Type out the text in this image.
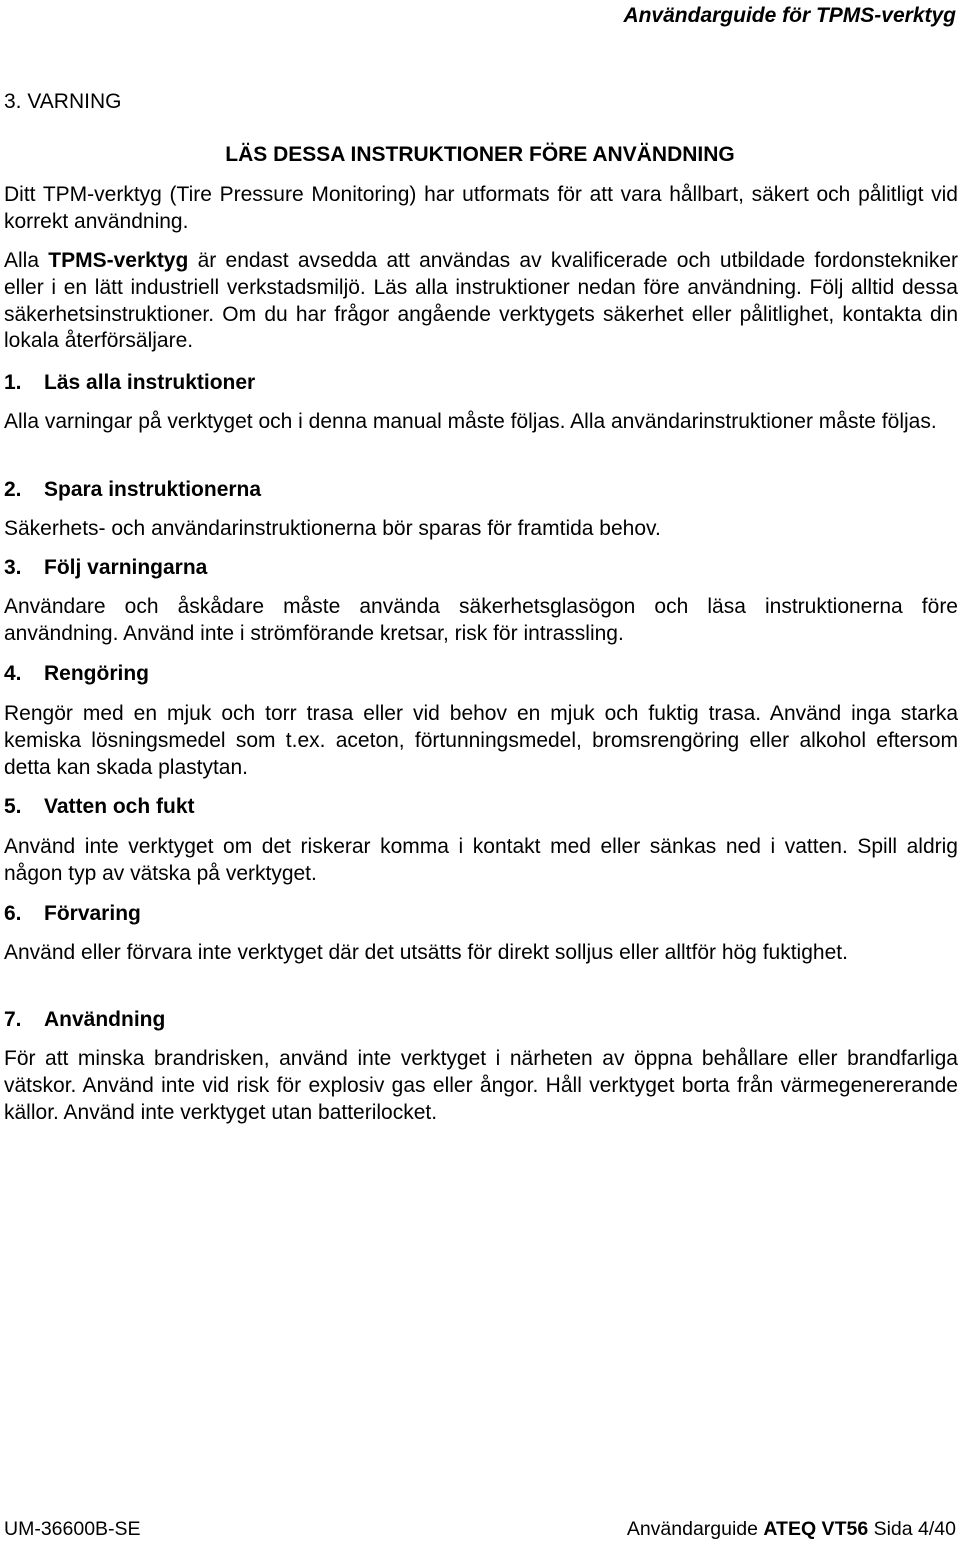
Användarguide för TPMS-verktyg
3. VARNING
LÄS DESSA INSTRUKTIONER FÖRE ANVÄNDNING
Ditt TPM-verktyg (Tire Pressure Monitoring) har utformats för att vara hållbart, säkert och pålitligt vid korrekt användning.
Alla TPMS-verktyg är endast avsedda att användas av kvalificerade och utbildade fordonstekniker eller i en lätt industriell verkstadsmiljö. Läs alla instruktioner nedan före användning. Följ alltid dessa säkerhetsinstruktioner. Om du har frågor angående verktygets säkerhet eller pålitlighet, kontakta din lokala återförsäljare.
1. Läs alla instruktioner
Alla varningar på verktyget och i denna manual måste följas. Alla användarinstruktioner måste följas.
2. Spara instruktionerna
Säkerhets- och användarinstruktionerna bör sparas för framtida behov.
3. Följ varningarna
Användare och åskådare måste använda säkerhetsglasögon och läsa instruktionerna före användning. Använd inte i strömförande kretsar, risk för intrassling.
4. Rengöring
Rengör med en mjuk och torr trasa eller vid behov en mjuk och fuktig trasa. Använd inga starka kemiska lösningsmedel som t.ex. aceton, förtunningsmedel, bromsrengöring eller alkohol eftersom detta kan skada plastytan.
5. Vatten och fukt
Använd inte verktyget om det riskerar komma i kontakt med eller sänkas ned i vatten. Spill aldrig någon typ av vätska på verktyget.
6. Förvaring
Använd eller förvara inte verktyget där det utsätts för direkt solljus eller alltför hög fuktighet.
7. Användning
För att minska brandrisken, använd inte verktyget i närheten av öppna behållare eller brandfarliga vätskor. Använd inte vid risk för explosiv gas eller ångor. Håll verktyget borta från värmegenererande källor. Använd inte verktyget utan batterilocket.
UM-36600B-SE	Användarguide ATEQ VT56 Sida 4/40
